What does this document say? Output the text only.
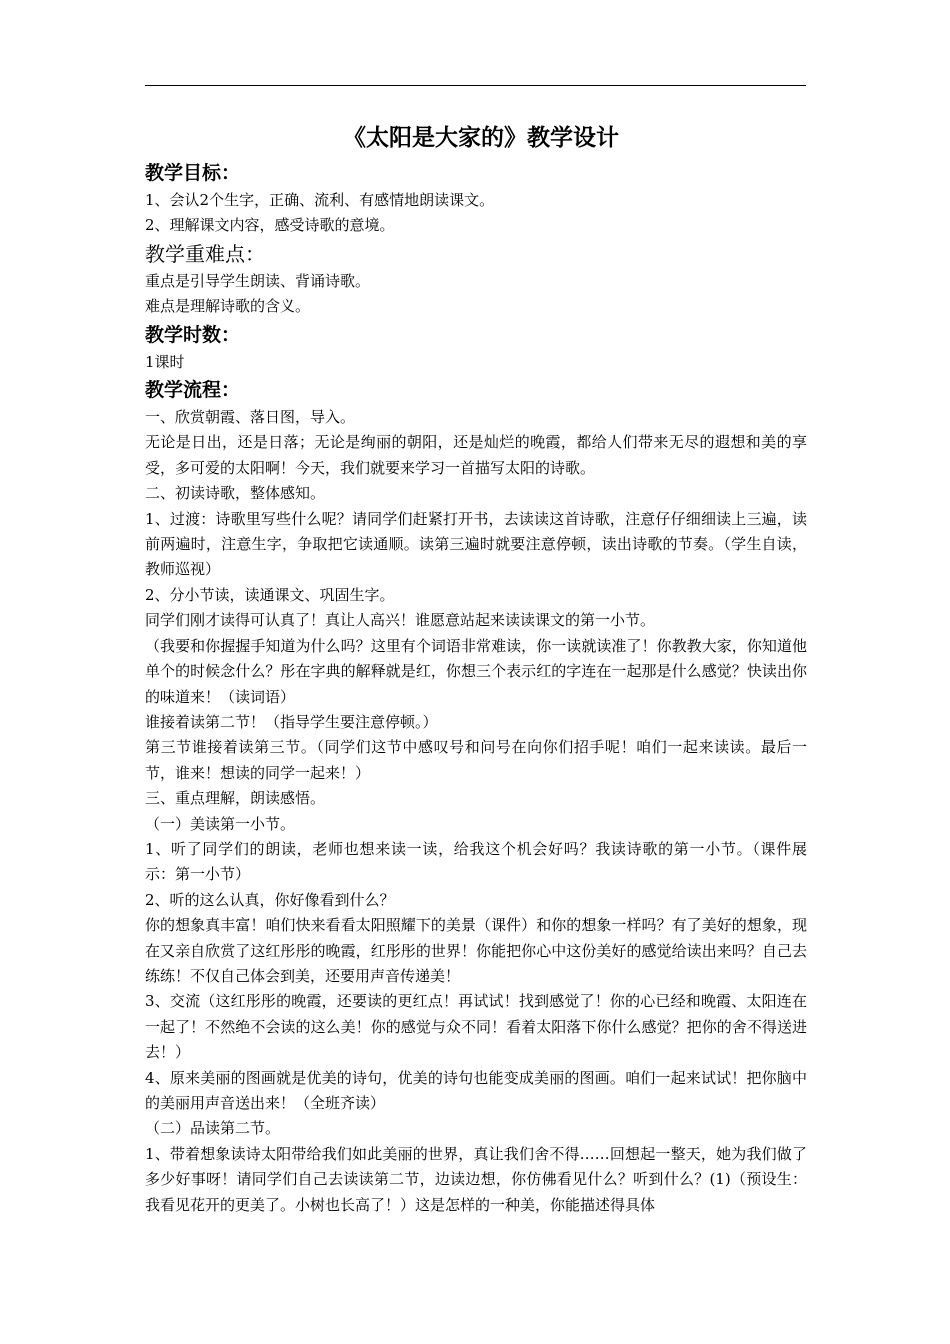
《太阳是大家的》教学设计
教学目标：

1、会认2个生字，正确、流利、有感情地朗读课文。

2、理解课文内容，感受诗歌的意境。

教学重难点：

重点是引导学生朗读、背诵诗歌。

难点是理解诗歌的含义。

教学时数：

1课时

教学流程：

一、欣赏朝霞、落日图，导入。

无论是日出，还是日落；无论是绚丽的朝阳，还是灿烂的晚霞，都给人们带来无尽的遐想和美的享受，多可爱的太阳啊！今天，我们就要来学习一首描写太阳的诗歌。

二、初读诗歌，整体感知。

1、过渡：诗歌里写些什么呢？请同学们赶紧打开书，去读读这首诗歌，注意仔仔细细读上三遍，读前两遍时，注意生字，争取把它读通顺。读第三遍时就要注意停顿，读出诗歌的节奏。（学生自读，教师巡视）

2、分小节读，读通课文、巩固生字。

同学们刚才读得可认真了！真让人高兴！谁愿意站起来读读课文的第一小节。

（我要和你握握手知道为什么吗？这里有个词语非常难读，你一读就读准了！你教教大家，你知道他单个的时候念什么？彤在字典的解释就是红，你想三个表示红的字连在一起那是什么感觉？快读出你的味道来！（读词语）

谁接着读第二节！（指导学生要注意停顿。）

第三节谁接着读第三节。（同学们这节中感叹号和问号在向你们招手呢！咱们一起来读读。最后一节，谁来！想读的同学一起来！）

三、重点理解，朗读感悟。

（一）美读第一小节。

1、听了同学们的朗读，老师也想来读一读，给我这个机会好吗？我读诗歌的第一小节。（课件展示：第一小节）

2、听的这么认真，你好像看到什么？

你的想象真丰富！咱们快来看看太阳照耀下的美景（课件）和你的想象一样吗？有了美好的想象，现在又亲自欣赏了这红彤彤的晚霞，红彤彤的世界！你能把你心中这份美好的感觉给读出来吗？自己去练练！不仅自己体会到美，还要用声音传递美！

3、交流（这红彤彤的晚霞，还要读的更红点！再试试！找到感觉了！你的心已经和晚霞、太阳连在一起了！不然绝不会读的这么美！你的感觉与众不同！看着太阳落下你什么感觉？把你的舍不得送进去！）

4、原来美丽的图画就是优美的诗句，优美的诗句也能变成美丽的图画。咱们一起来试试！把你脑中的美丽用声音送出来！（全班齐读）

（二）品读第二节。

1、带着想象读诗太阳带给我们如此美丽的世界，真让我们舍不得……回想起一整天，她为我们做了多少好事呀！请同学们自己去读读第二节，边读边想，你仿佛看见什么？听到什么？(1)（预设生：我看见花开的更美了。小树也长高了！）这是怎样的一种美，你能描述得具体
